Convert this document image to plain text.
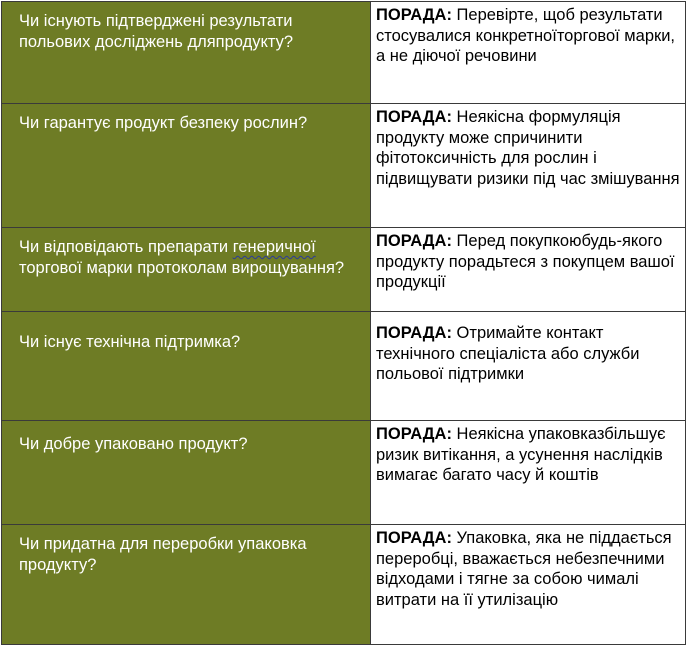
Чи існують підтверджені результати польових досліджень дляпродукту?	ПОРАДА: Перевірте, щоб результати стосувалися конкретноїторгової марки, а не діючої речовини
Чи гарантує продукт безпеку рослин?	ПОРАДА: Неякісна формуляція продукту може спричинити фітотоксичність для рослин і підвищувати ризики під час змішування
Чи відповідають препарати генеричної торгової марки протоколам вирощування?	ПОРАДА: Перед покупкоюбудь-якого продукту порадьтеся з покупцем вашої продукції
Чи існує технічна підтримка?	ПОРАДА: Отримайте контакт технічного спеціаліста або служби польової підтримки
Чи добре упаковано продукт?	ПОРАДА: Неякісна упаковказбільшує ризик витікання, а усунення наслідків вимагає багато часу й коштів
Чи придатна для переробки упаковка продукту?	ПОРАДА: Упаковка, яка не піддається переробці, вважається небезпечними відходами і тягне за собою чималі витрати на її утилізацію
